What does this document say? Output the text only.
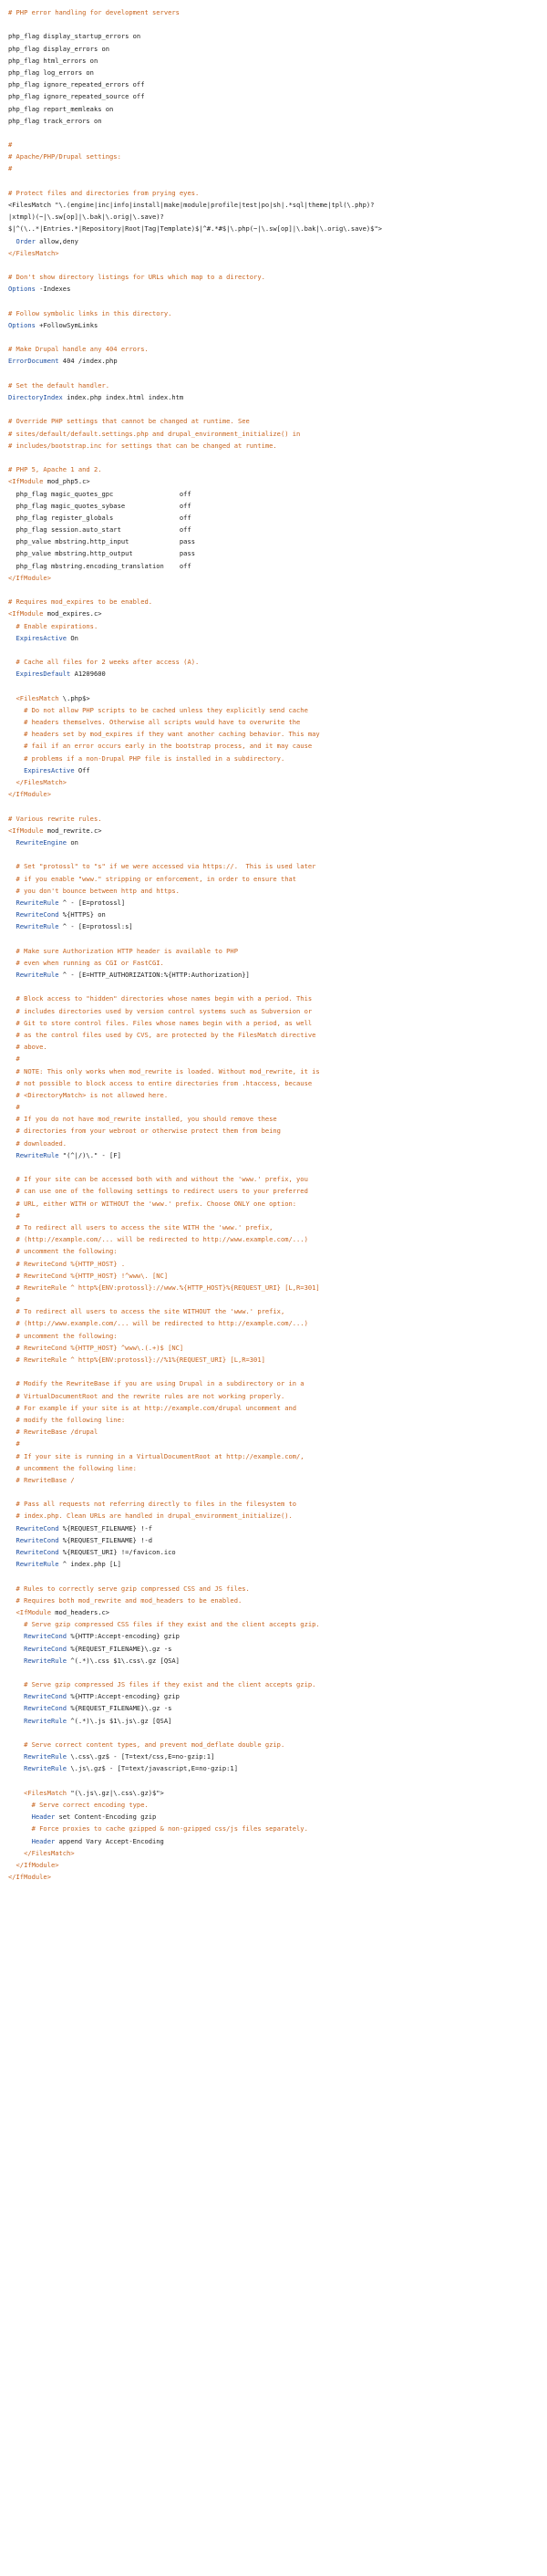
# PHP error handling for development servers
php_flag display_startup_errors on
php_flag display_errors on
php_flag html_errors on
php_flag log_errors on
php_flag ignore_repeated_errors off
php_flag ignore_repeated_source off
php_flag report_memleaks on
php_flag track_errors on
#
# Apache/PHP/Drupal settings:
#
# Protect files and directories from prying eyes.
<FilesMatch "\.(engine|inc|info|install|make|module|profile|test|po|sh|.*sql|theme|tpl(\.php)?
|xtmpl)(~|\.sw[op]|\.bak|\.orig|\.save)?
$|^(\..*|Entries.*|Repository|Root|Tag|Template)$|^#.*#$|\.php(~|\.sw[op]|\.bak|\.orig\.save)$">
Order allow,deny
</FilesMatch>
# Don't show directory listings for URLs which map to a directory.
Options -Indexes
# Follow symbolic links in this directory.
Options +FollowSymLinks
# Make Drupal handle any 404 errors.
ErrorDocument 404 /index.php
# Set the default handler.
DirectoryIndex index.php index.html index.htm
# Override PHP settings that cannot be changed at runtime. See
# sites/default/default.settings.php and drupal_environment_initialize() in
# includes/bootstrap.inc for settings that can be changed at runtime.
# PHP 5, Apache 1 and 2.
<IfModule mod_php5.c>
php_flag magic_quotes_gpc                 off
php_flag magic_quotes_sybase              off
php_flag register_globals                 off
php_flag session.auto_start               off
php_value mbstring.http_input             pass
php_value mbstring.http_output            pass
php_flag mbstring.encoding_translation    off
</IfModule>
# Requires mod_expires to be enabled.
<IfModule mod_expires.c>
# Enable expirations.
ExpiresActive On
# Cache all files for 2 weeks after access (A).
ExpiresDefault A1209600
<FilesMatch \.php$>
# Do not allow PHP scripts to be cached unless they explicitly send cache
# headers themselves. Otherwise all scripts would have to overwrite the
# headers set by mod_expires if they want another caching behavior. This may
# fail if an error occurs early in the bootstrap process, and it may cause
# problems if a non-Drupal PHP file is installed in a subdirectory.
ExpiresActive Off
</FilesMatch>
</IfModule>
# Various rewrite rules.
<IfModule mod_rewrite.c>
RewriteEngine on
# Set "protossl" to "s" if we were accessed via https://.  This is used later
# if you enable "www." stripping or enforcement, in order to ensure that
# you don't bounce between http and https.
RewriteRule ^ - [E=protossl]
RewriteCond %{HTTPS} on
RewriteRule ^ - [E=protossl:s]
# Make sure Authorization HTTP header is available to PHP
# even when running as CGI or FastCGI.
RewriteRule ^ - [E=HTTP_AUTHORIZATION:%{HTTP:Authorization}]
# Block access to "hidden" directories whose names begin with a period. This
# includes directories used by version control systems such as Subversion or
# Git to store control files. Files whose names begin with a period, as well
# as the control files used by CVS, are protected by the FilesMatch directive
# above.
#
# NOTE: This only works when mod_rewrite is loaded. Without mod_rewrite, it is
# not possible to block access to entire directories from .htaccess, because
# <DirectoryMatch> is not allowed here.
#
# If you do not have mod_rewrite installed, you should remove these
# directories from your webroot or otherwise protect them from being
# downloaded.
RewriteRule "(^|/)\." - [F]
# If your site can be accessed both with and without the 'www.' prefix, you
# can use one of the following settings to redirect users to your preferred
# URL, either WITH or WITHOUT the 'www.' prefix. Choose ONLY one option:
#
# To redirect all users to access the site WITH the 'www.' prefix,
# (http://example.com/... will be redirected to http://www.example.com/...)
# uncomment the following:
# RewriteCond %{HTTP_HOST} .
# RewriteCond %{HTTP_HOST} !^www\. [NC]
# RewriteRule ^ http%{ENV:protossl}://www.%{HTTP_HOST}%{REQUEST_URI} [L,R=301]
#
# To redirect all users to access the site WITHOUT the 'www.' prefix,
# (http://www.example.com/... will be redirected to http://example.com/...)
# uncomment the following:
# RewriteCond %{HTTP_HOST} ^www\.(.+)$ [NC]
# RewriteRule ^ http%{ENV:protossl}://%1%{REQUEST_URI} [L,R=301]
# Modify the RewriteBase if you are using Drupal in a subdirectory or in a
# VirtualDocumentRoot and the rewrite rules are not working properly.
# For example if your site is at http://example.com/drupal uncomment and
# modify the following line:
# RewriteBase /drupal
#
# If your site is running in a VirtualDocumentRoot at http://example.com/,
# uncomment the following line:
# RewriteBase /
# Pass all requests not referring directly to files in the filesystem to
# index.php. Clean URLs are handled in drupal_environment_initialize().
RewriteCond %{REQUEST_FILENAME} !-f
RewriteCond %{REQUEST_FILENAME} !-d
RewriteCond %{REQUEST_URI} !=/favicon.ico
RewriteRule ^ index.php [L]
# Rules to correctly serve gzip compressed CSS and JS files.
# Requires both mod_rewrite and mod_headers to be enabled.
<IfModule mod_headers.c>
# Serve gzip compressed CSS files if they exist and the client accepts gzip.
RewriteCond %{HTTP:Accept-encoding} gzip
RewriteCond %{REQUEST_FILENAME}\.gz -s
RewriteRule ^(.*)\.css $1\.css\.gz [QSA]
# Serve gzip compressed JS files if they exist and the client accepts gzip.
RewriteCond %{HTTP:Accept-encoding} gzip
RewriteCond %{REQUEST_FILENAME}\.gz -s
RewriteRule ^(.*)\.js $1\.js\.gz [QSA]
# Serve correct content types, and prevent mod_deflate double gzip.
RewriteRule \.css\.gz$ - [T=text/css,E=no-gzip:1]
RewriteRule \.js\.gz$ - [T=text/javascript,E=no-gzip:1]
<FilesMatch "(\.js\.gz|\.css\.gz)$">
# Serve correct encoding type.
Header set Content-Encoding gzip
# Force proxies to cache gzipped & non-gzipped css/js files separately.
Header append Vary Accept-Encoding
</FilesMatch>
</IfModule>
</IfModule>
